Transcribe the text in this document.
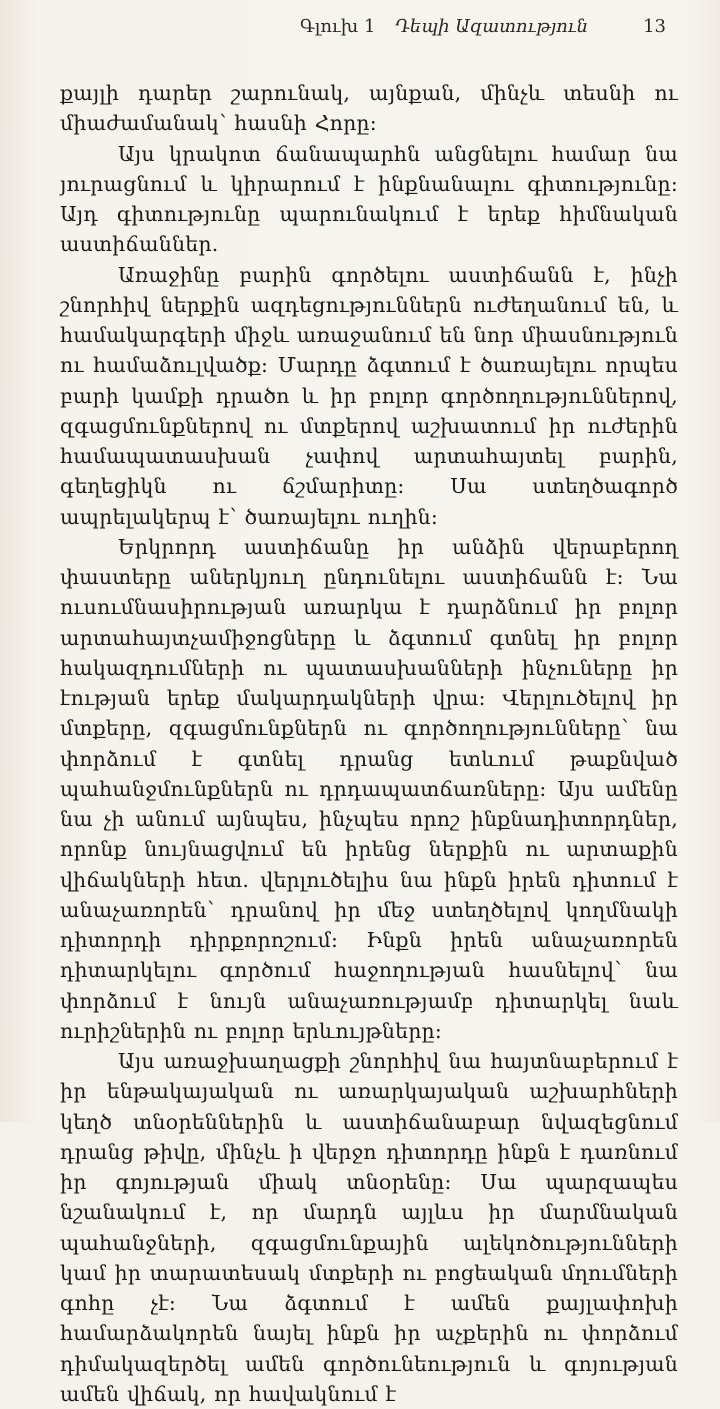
Գլուխ 1 Դեպի Ազատություն	13

քայլի դարեր շարունակ, այնքան, մինչև տեսնի ու միաժամանակ՝ հասնի Հորը:

Այս կրակոտ ճանապարհն անցնելու համար նա յուրացնում և կիրարում է ինքնանալու գիտությունը: Այդ գիտությունը պարունակում է երեք հիմնական աստիճաններ.

Առաջինը բարին գործելու աստիճանն է, ինչի շնորհիվ ներքին ազդեցություններն ուժեղանում են, և համակարգերի միջև առաջանում են նոր միասնություն ու համաձուլվածք: Մարդը ձգտում է ծառայելու որպես բարի կամքի դրածո և իր բոլոր գործողություններով, զգացմունքներով ու մտքերով աշխատում իր ուժերին համապատասխան չափով արտահայտել բարին, գեղեցիկն ու ճշմարիտը: Սա ստեղծագործ ապրելակերպ է՝ ծառայելու ուղին:

Երկրորդ աստիճանը իր անձին վերաբերող փաստերը աներկյուղ ընդունելու աստիճանն է: Նա ուսումնասիրության առարկա է դարձնում իր բոլոր արտահայտչամիջոցները և ձգտում գտնել իր բոլոր հակազդումների ու պատասխանների ինչուները իր էության երեք մակարդակների վրա: Վերլուծելով իր մտքերը, զգացմունքներն ու գործողությունները՝ նա փորձում է գտնել դրանց ետևում թաքնված պահանջմունքներն ու դրդապատճառները: Այս ամենը նա չի անում այնպես, ինչպես որոշ ինքնադիտորդներ, որոնք նույնացվում են իրենց ներքին ու արտաքին վիճակների հետ. վերլուծելիս նա ինքն իրեն դիտում է անաչառորեն՝ դրանով իր մեջ ստեղծելով կողմնակի դիտորդի դիրքորոշում: Ինքն իրեն անաչառորեն դիտարկելու գործում հաջողության հասնելով՝ նա փորձում է նույն անաչառությամբ դիտարկել նաև ուրիշներին ու բոլոր երևույթները:

Այս առաջխաղացքի շնորհիվ նա հայտնաբերում է իր ենթակայական ու առարկայական աշխարհների կեղծ տնօրեններին և աստիճանաբար նվազեցնում դրանց թիվը, մինչև ի վերջո դիտորդը ինքն է դառնում իր գոյության միակ տնօրենը: Սա պարզապես նշանակում է, որ մարդն այլևս իր մարմնական պահանջների, զգացմունքային ալեկոծությունների կամ իր տարատեսակ մտքերի ու բոցեական մղումների գոհը չէ: Նա ձգտում է ամեն քայլափոխի համարձակորեն նայել ինքն իր աչքերին ու փորձում դիմակազերծել ամեն գործունեություն և գոյության ամեն վիճակ, որ հավակնում է
